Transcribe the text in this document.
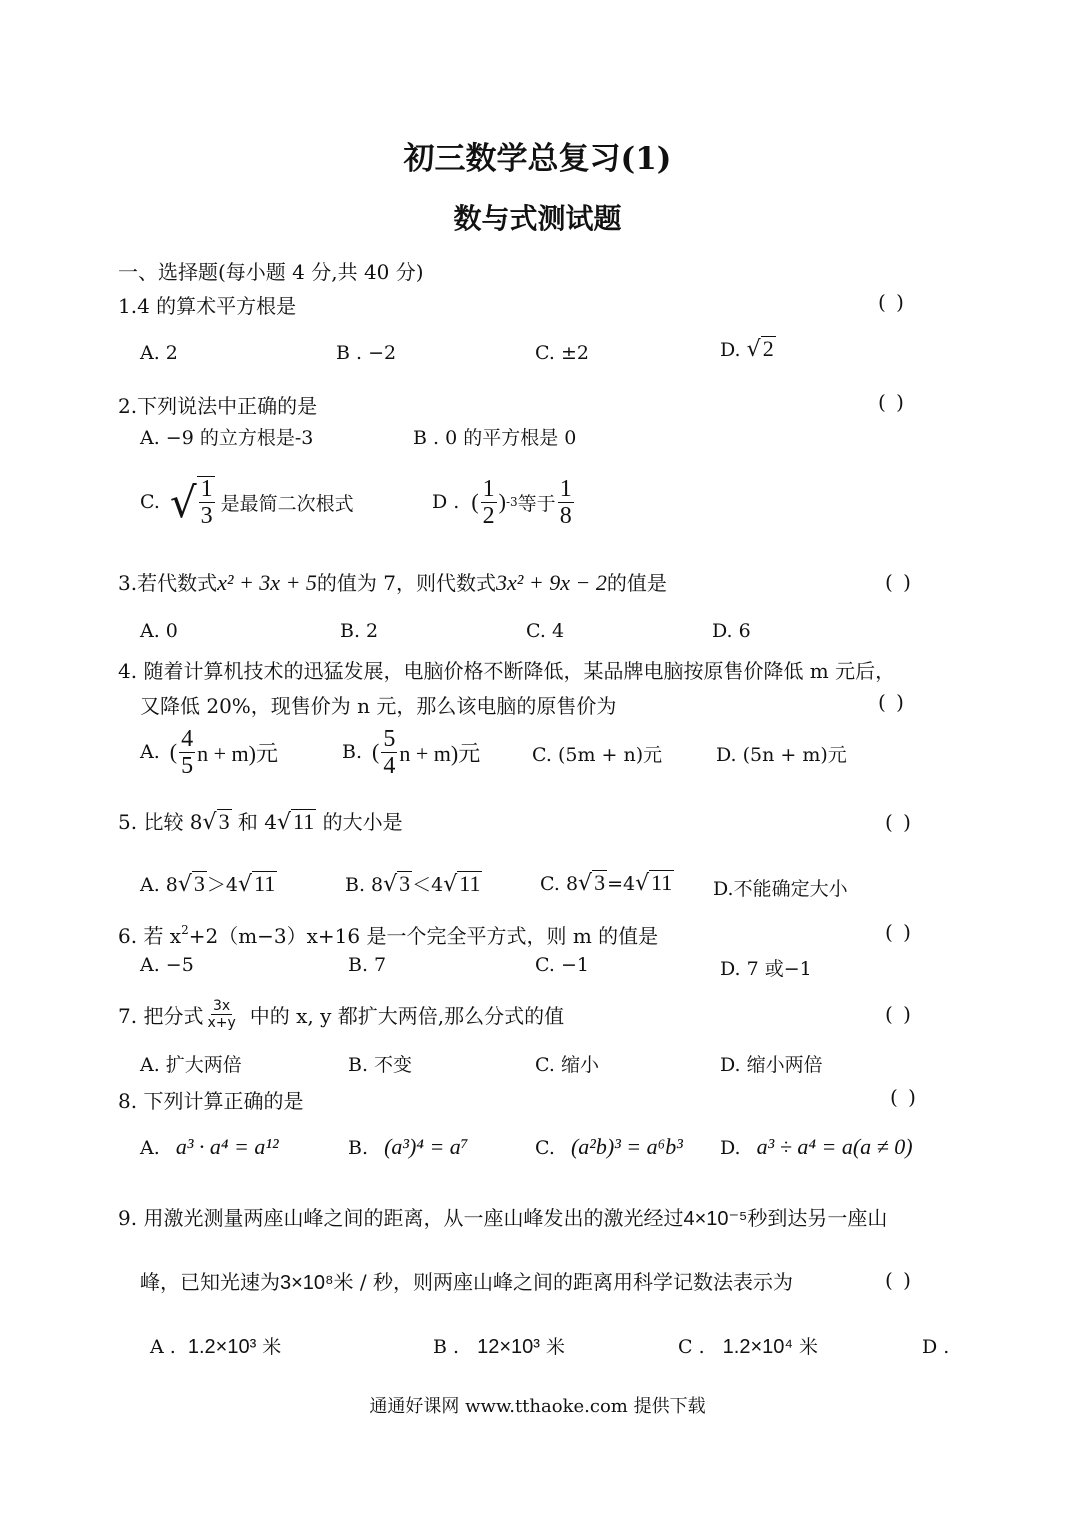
初三数学总复习(1)
数与式测试题
一、选择题(每小题 4 分,共 40 分)
1.4 的算术平方根是	( )
A. 2	B . −2	C. ±2	D. √2
2.下列说法中正确的是	( )
A. −9 的立方根是-3	B . 0 的平方根是 0
C. √ $\frac{1}{3}$ 是最简二次根式	D . ( $\frac{1}{2}$ ) -3 等于 $\frac{1}{8}$
3.若代数式x² + 3x + 5的值为 7，则代数式3x² + 9x − 2的值是	( )
A. 0	B. 2	C. 4	D. 6
4. 随着计算机技术的迅猛发展，电脑价格不断降低，某品牌电脑按原售价降低 m 元后，
又降低 20%，现售价为 n 元，那么该电脑的原售价为	( )
A. ( $\frac{4}{5}$ n + m)元	B. ( $\frac{5}{4}$ n + m)元	C. (5m + n)元	D. (5n + m)元
5. 比较 8√3 和 4√11 的大小是	( )
A. 8√3 ＞4√11	B. 8√3 ＜4√11	C. 8√3 =4√11 D.不能确定大小
6. 若 $x^2+2(m-3)x+16$ 是一个完全平方式，则 m 的值是	( )
A. −5	B. 7	C. −1	D. 7 或−1
7. 把分式 $\frac{3x}{x+y}$ 中的 x, y 都扩大两倍,那么分式的值	( )
A. 扩大两倍	B. 不变	C. 缩小	D. 缩小两倍
8. 下列计算正确的是	( )
A. a³ · a⁴ = a¹²	B. (a³)⁴ = a⁷	C. (a²b)³ = a⁶b³ D. a³ ÷ a⁴ = a(a ≠ 0)
9. 用激光测量两座山峰之间的距离，从一座山峰发出的激光经过4×10⁻⁵秒到达另一座山
峰，已知光速为3×10⁸米 / 秒，则两座山峰之间的距离用科学记数法表示为	( )
A . 1.2×10³ 米	B . 12×10³ 米	C . 1.2×10⁴ 米	D .
通通好课网 www.tthaoke.com 提供下载
